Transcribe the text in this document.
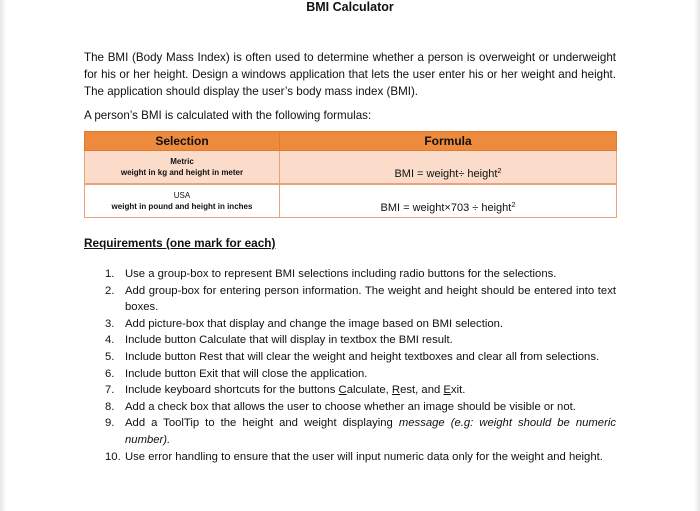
BMI Calculator

The BMI (Body Mass Index) is often used to determine whether a person is overweight or underweight for his or her height. Design a windows application that lets the user enter his or her weight and height. The application should display the user’s body mass index (BMI).

A person’s BMI is calculated with the following formulas:

Selection	Formula

Metric
weight in kg and height in meter	BMI = weight÷ height$^2$

USA
weight in pound and height in inches	BMI = weight×703 ÷ height$^2$

Requirements (one mark for each)

1. Use a group-box to represent BMI selections including radio buttons for the selections.
2. Add group-box for entering person information. The weight and height should be entered into text boxes.
3. Add picture-box that display and change the image based on BMI selection.
4. Include button Calculate that will display in textbox the BMI result.
5. Include button Rest that will clear the weight and height textboxes and clear all from selections.
6. Include button Exit that will close the application.
7. Include keyboard shortcuts for the buttons Calculate, Rest, and Exit.
8. Add a check box that allows the user to choose whether an image should be visible or not.
9. Add a ToolTip to the height and weight displaying message (e.g: weight should be numeric number).
10. Use error handling to ensure that the user will input numeric data only for the weight and height.
